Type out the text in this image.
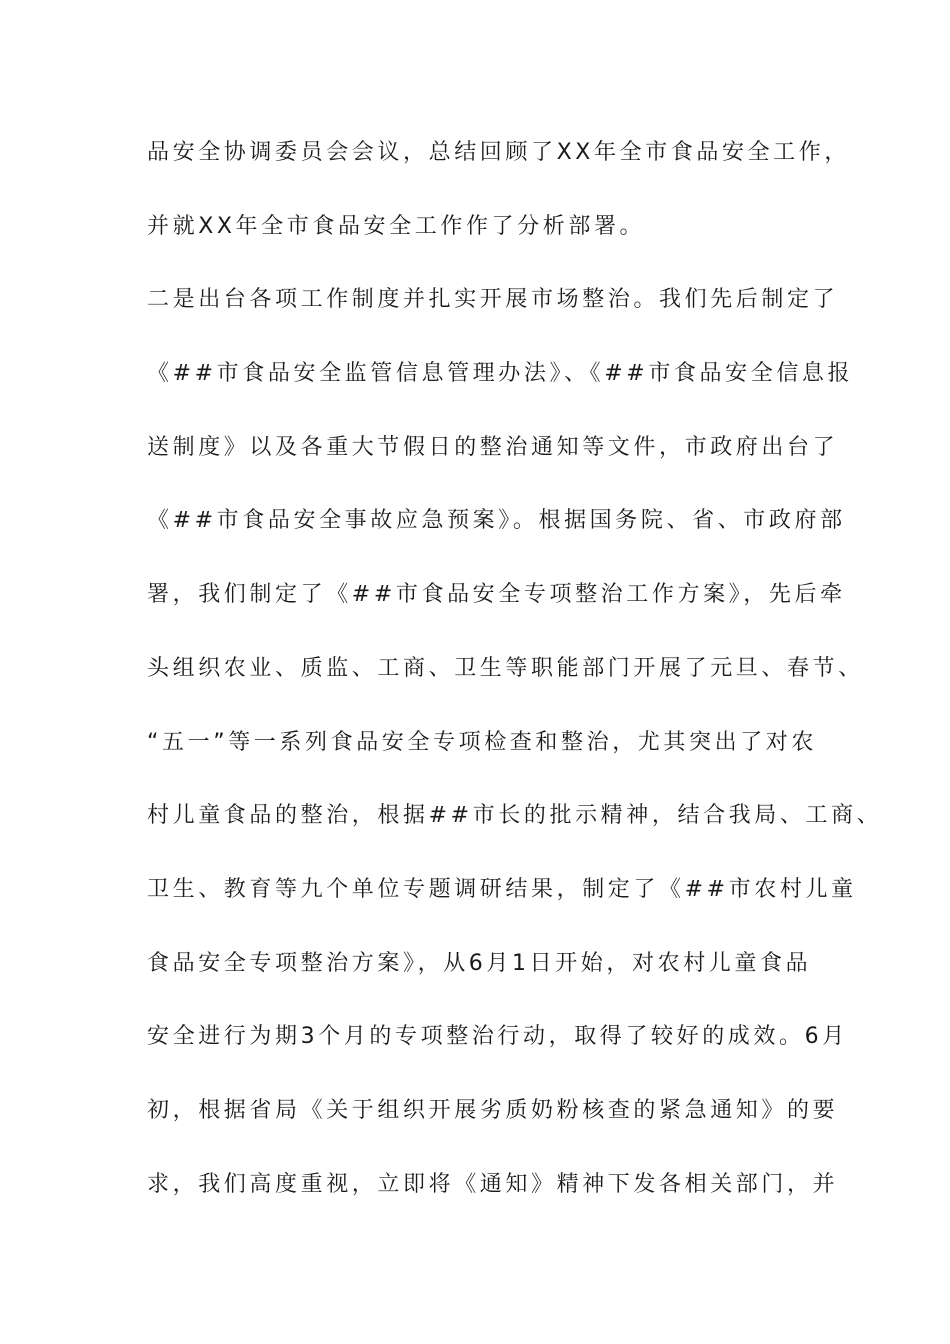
品安全协调委员会会议，总结回顾了XX年全市食品安全工作，
并就XX年全市食品安全工作作了分析部署。
二是出台各项工作制度并扎实开展市场整治。我们先后制定了
《##市食品安全监管信息管理办法》、《##市食品安全信息报
送制度》以及各重大节假日的整治通知等文件，市政府出台了
《##市食品安全事故应急预案》。根据国务院、省、市政府部
署，我们制定了《##市食品安全专项整治工作方案》，先后牵
头组织农业、质监、工商、卫生等职能部门开展了元旦、春节、
“五一”等一系列食品安全专项检查和整治，尤其突出了对农
村儿童食品的整治，根据##市长的批示精神，结合我局、工商、
卫生、教育等九个单位专题调研结果，制定了《##市农村儿童
食品安全专项整治方案》，从6月1日开始，对农村儿童食品
安全进行为期3个月的专项整治行动，取得了较好的成效。6月
初，根据省局《关于组织开展劣质奶粉核查的紧急通知》的要
求，我们高度重视，立即将《通知》精神下发各相关部门，并
